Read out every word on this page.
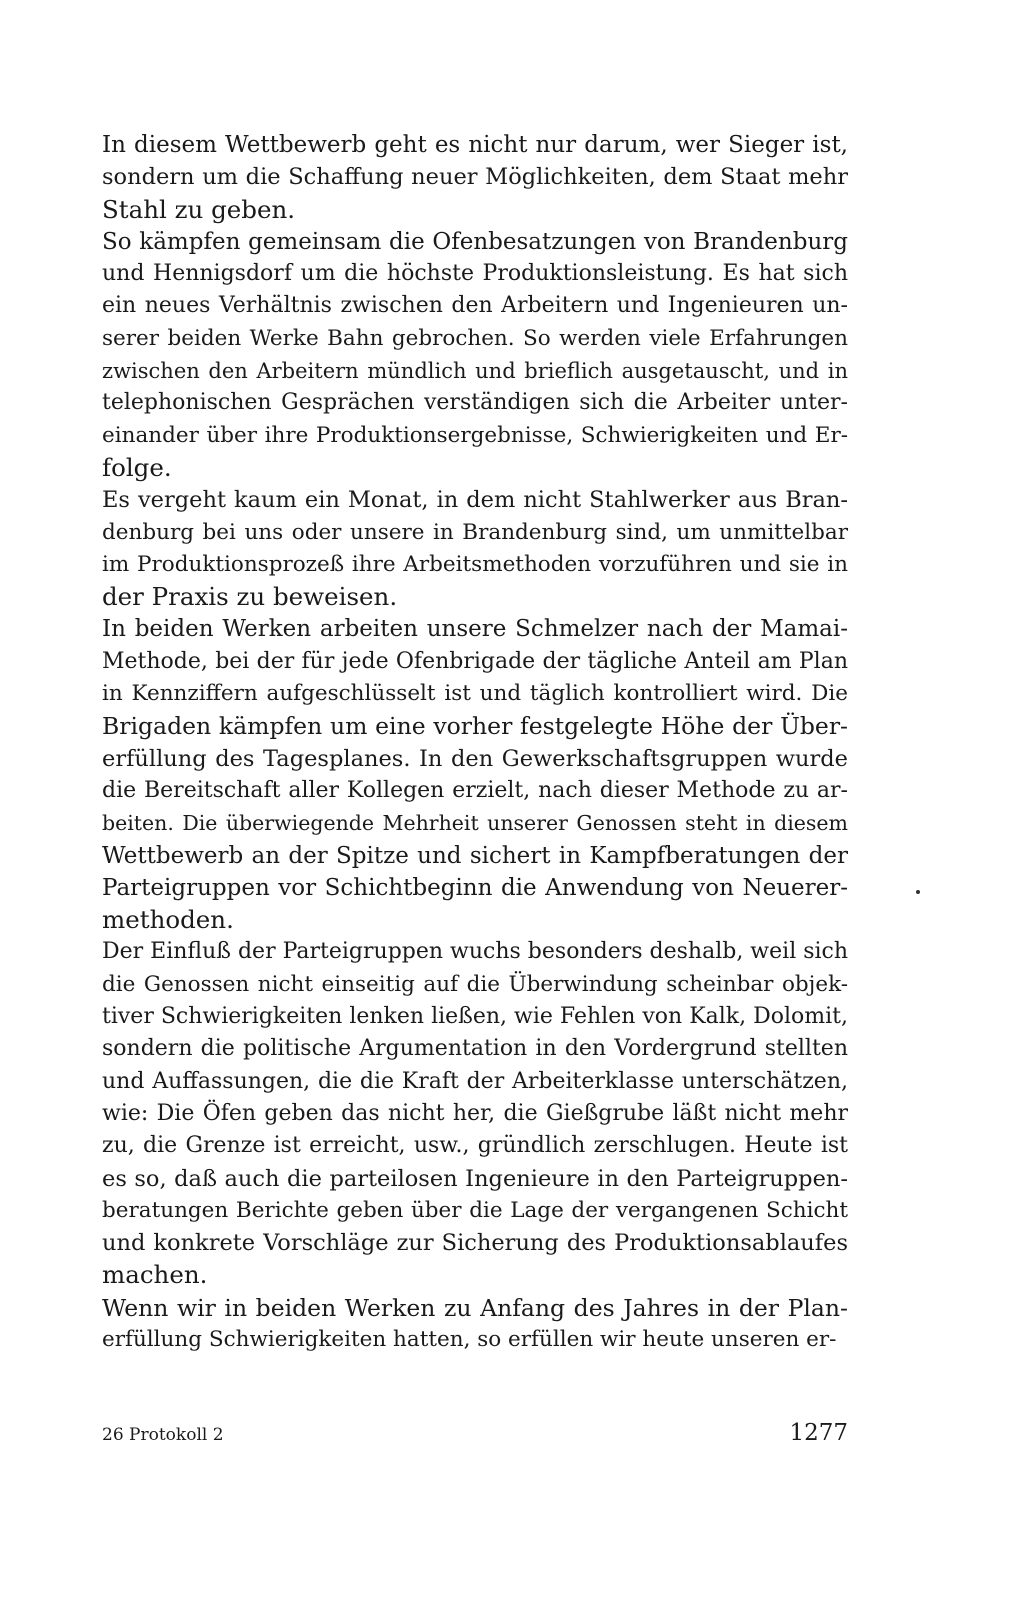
In diesem Wettbewerb geht es nicht nur darum, wer Sieger ist,
sondern um die Schaffung neuer Möglichkeiten, dem Staat mehr
Stahl zu geben.
So kämpfen gemeinsam die Ofenbesatzungen von Brandenburg
und Hennigsdorf um die höchste Produktionsleistung. Es hat sich
ein neues Verhältnis zwischen den Arbeitern und Ingenieuren un-
serer beiden Werke Bahn gebrochen. So werden viele Erfahrungen
zwischen den Arbeitern mündlich und brieflich ausgetauscht, und in
telephonischen Gesprächen verständigen sich die Arbeiter unter-
einander über ihre Produktionsergebnisse, Schwierigkeiten und Er-
folge.
Es vergeht kaum ein Monat, in dem nicht Stahlwerker aus Bran-
denburg bei uns oder unsere in Brandenburg sind, um unmittelbar
im Produktionsprozeß ihre Arbeitsmethoden vorzuführen und sie in
der Praxis zu beweisen.
In beiden Werken arbeiten unsere Schmelzer nach der Mamai-
Methode, bei der für jede Ofenbrigade der tägliche Anteil am Plan
in Kennziffern aufgeschlüsselt ist und täglich kontrolliert wird. Die
Brigaden kämpfen um eine vorher festgelegte Höhe der Über-
erfüllung des Tagesplanes. In den Gewerkschaftsgruppen wurde
die Bereitschaft aller Kollegen erzielt, nach dieser Methode zu ar-
beiten. Die überwiegende Mehrheit unserer Genossen steht in diesem
Wettbewerb an der Spitze und sichert in Kampfberatungen der
Parteigruppen vor Schichtbeginn die Anwendung von Neuerer-
methoden.
Der Einfluß der Parteigruppen wuchs besonders deshalb, weil sich
die Genossen nicht einseitig auf die Überwindung scheinbar objek-
tiver Schwierigkeiten lenken ließen, wie Fehlen von Kalk, Dolomit,
sondern die politische Argumentation in den Vordergrund stellten
und Auffassungen, die die Kraft der Arbeiterklasse unterschätzen,
wie: Die Öfen geben das nicht her, die Gießgrube läßt nicht mehr
zu, die Grenze ist erreicht, usw., gründlich zerschlugen. Heute ist
es so, daß auch die parteilosen Ingenieure in den Parteigruppen-
beratungen Berichte geben über die Lage der vergangenen Schicht
und konkrete Vorschläge zur Sicherung des Produktionsablaufes
machen.
Wenn wir in beiden Werken zu Anfang des Jahres in der Plan-
erfüllung Schwierigkeiten hatten, so erfüllen wir heute unseren er-
26 Protokoll 2	1277
